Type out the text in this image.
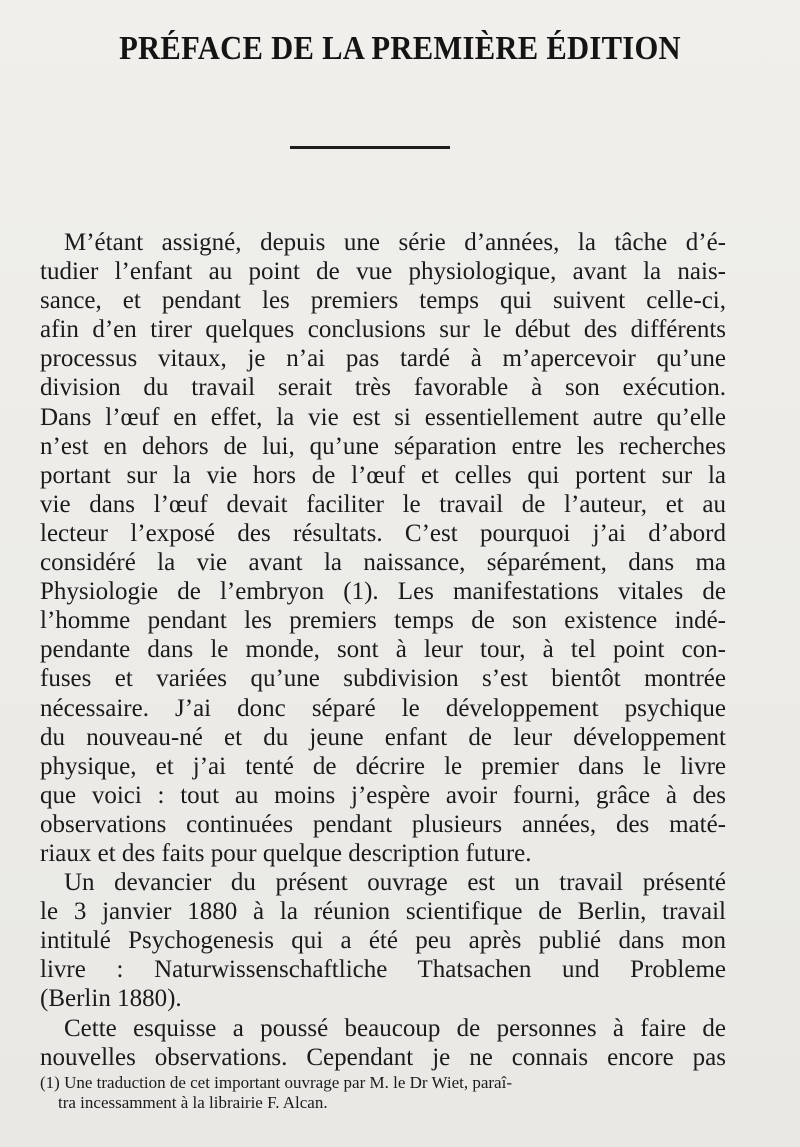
PRÉFACE DE LA PREMIÈRE ÉDITION
M’étant assigné, depuis une série d’années, la tâche d’é-
tudier l’enfant au point de vue physiologique, avant la nais-
sance, et pendant les premiers temps qui suivent celle-ci,
afin d’en tirer quelques conclusions sur le début des différents
processus vitaux, je n’ai pas tardé à m’apercevoir qu’une
division du travail serait très favorable à son exécution.
Dans l’œuf en effet, la vie est si essentiellement autre qu’elle
n’est en dehors de lui, qu’une séparation entre les recherches
portant sur la vie hors de l’œuf et celles qui portent sur la
vie dans l’œuf devait faciliter le travail de l’auteur, et au
lecteur l’exposé des résultats. C’est pourquoi j’ai d’abord
considéré la vie avant la naissance, séparément, dans ma
Physiologie de l’embryon (1). Les manifestations vitales de
l’homme pendant les premiers temps de son existence indé-
pendante dans le monde, sont à leur tour, à tel point con-
fuses et variées qu’une subdivision s’est bientôt montrée
nécessaire. J’ai donc séparé le développement psychique
du nouveau-né et du jeune enfant de leur développement
physique, et j’ai tenté de décrire le premier dans le livre
que voici : tout au moins j’espère avoir fourni, grâce à des
observations continuées pendant plusieurs années, des maté-
riaux et des faits pour quelque description future.
Un devancier du présent ouvrage est un travail présenté
le 3 janvier 1880 à la réunion scientifique de Berlin, travail
intitulé Psychogenesis qui a été peu après publié dans mon
livre : Naturwissenschaftliche Thatsachen und Probleme
(Berlin 1880).
Cette esquisse a poussé beaucoup de personnes à faire de
nouvelles observations. Cependant je ne connais encore pas
(1) Une traduction de cet important ouvrage par M. le Dr Wiet, paraî-
tra incessamment à la librairie F. Alcan.
